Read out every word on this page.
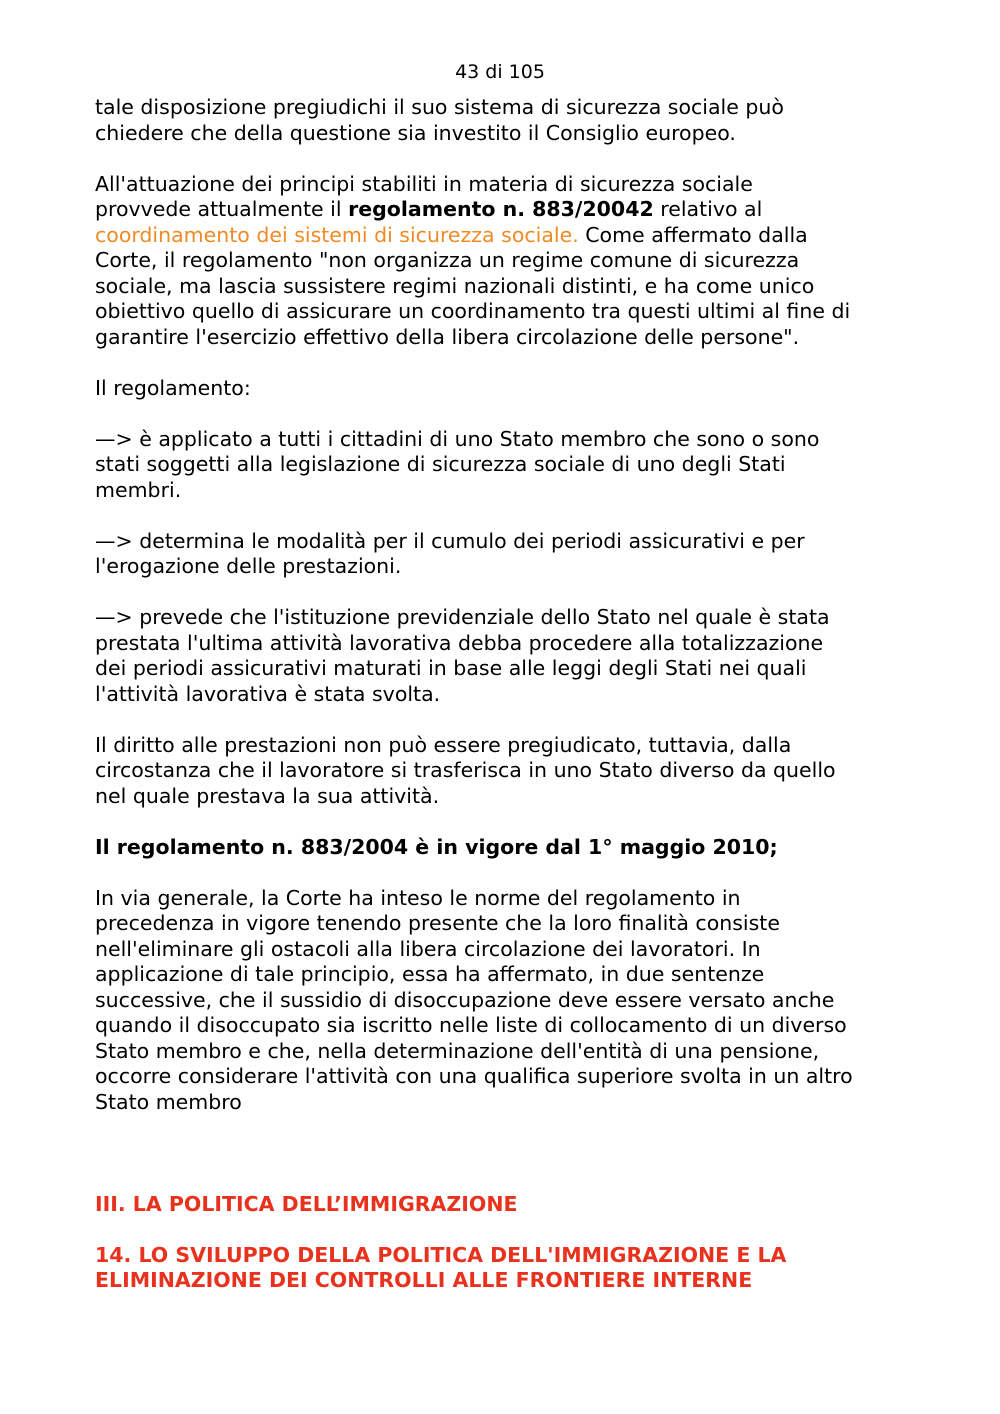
43 di 105

tale disposizione pregiudichi il suo sistema di sicurezza sociale può
chiedere che della questione sia investito il Consiglio europeo.

All'attuazione dei principi stabiliti in materia di sicurezza sociale
provvede attualmente il regolamento n. 883/20042 relativo al
coordinamento dei sistemi di sicurezza sociale. Come affermato dalla
Corte, il regolamento "non organizza un regime comune di sicurezza
sociale, ma lascia sussistere regimi nazionali distinti, e ha come unico
obiettivo quello di assicurare un coordinamento tra questi ultimi al fine di
garantire l'esercizio effettivo della libera circolazione delle persone".

Il regolamento:

—> è applicato a tutti i cittadini di uno Stato membro che sono o sono
stati soggetti alla legislazione di sicurezza sociale di uno degli Stati
membri.

—> determina le modalità per il cumulo dei periodi assicurativi e per
l'erogazione delle prestazioni.

—> prevede che l'istituzione previdenziale dello Stato nel quale è stata
prestata l'ultima attività lavorativa debba procedere alla totalizzazione
dei periodi assicurativi maturati in base alle leggi degli Stati nei quali
l'attività lavorativa è stata svolta.

Il diritto alle prestazioni non può essere pregiudicato, tuttavia, dalla
circostanza che il lavoratore si trasferisca in uno Stato diverso da quello
nel quale prestava la sua attività.

Il regolamento n. 883/2004 è in vigore dal 1° maggio 2010;

In via generale, la Corte ha inteso le norme del regolamento in
precedenza in vigore tenendo presente che la loro finalità consiste
nell'eliminare gli ostacoli alla libera circolazione dei lavoratori. In
applicazione di tale principio, essa ha affermato, in due sentenze
successive, che il sussidio di disoccupazione deve essere versato anche
quando il disoccupato sia iscritto nelle liste di collocamento di un diverso
Stato membro e che, nella determinazione dell'entità di una pensione,
occorre considerare l'attività con una qualifica superiore svolta in un altro
Stato membro

III. LA POLITICA DELL’IMMIGRAZIONE

14. LO SVILUPPO DELLA POLITICA DELL'IMMIGRAZIONE E LA
ELIMINAZIONE DEI CONTROLLI ALLE FRONTIERE INTERNE
